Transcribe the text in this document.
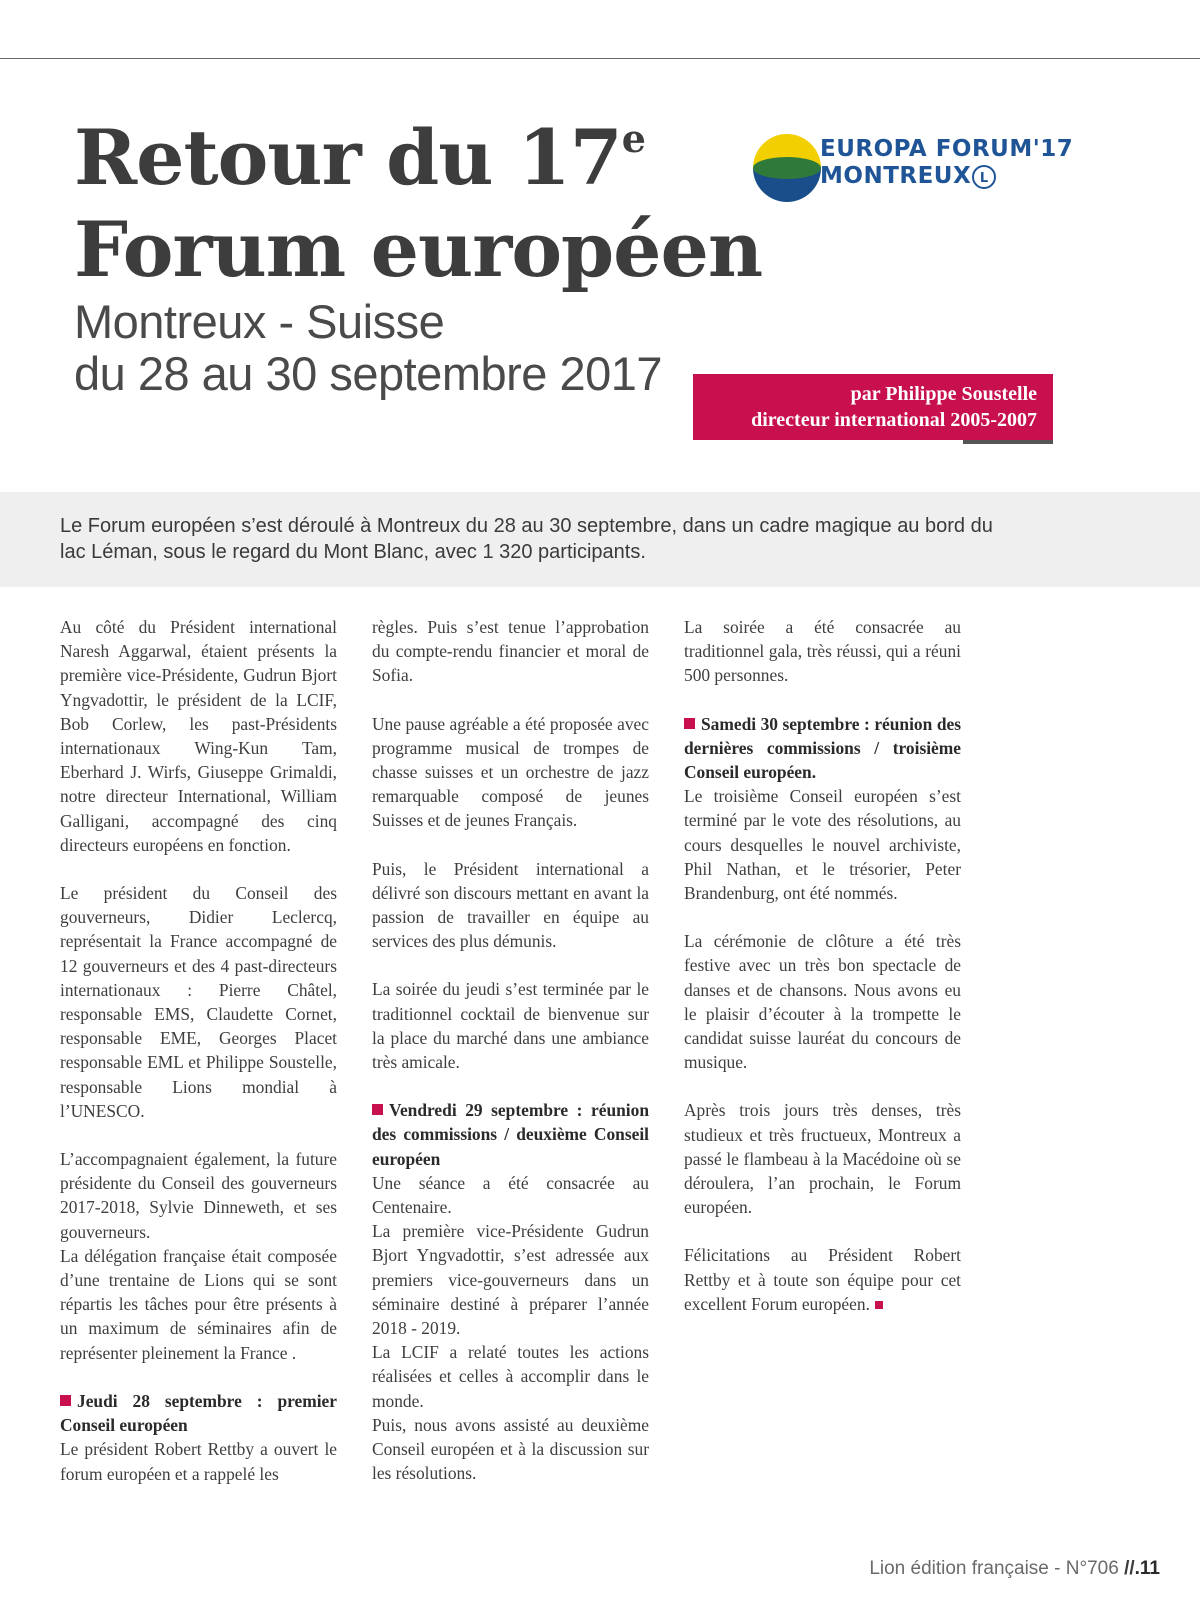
Retour du 17e
Forum européen
Montreux - Suisse
du 28 au 30 septembre 2017
EUROPA FORUM'17
MONTREUX L
par Philippe Soustelle
directeur international 2005-2007

Le Forum européen s’est déroulé à Montreux du 28 au 30 septembre, dans un cadre magique au bord du lac Léman, sous le regard du Mont Blanc, avec 1 320 participants.

Au côté du Président international Naresh Aggarwal, étaient présents la première vice-Présidente, Gudrun Bjort Yngvadottir, le président de la LCIF, Bob Corlew, les past-Présidents internationaux Wing-Kun Tam, Eberhard J. Wirfs, Giuseppe Grimaldi, notre directeur International, William Galligani, accompagné des cinq directeurs européens en fonction.

Le président du Conseil des gouverneurs, Didier Leclercq, représentait la France accompagné de 12 gouverneurs et des 4 past-directeurs internationaux : Pierre Châtel, responsable EMS, Claudette Cornet, responsable EME, Georges Placet responsable EML et Philippe Soustelle, responsable Lions mondial à l’UNESCO.

L’accompagnaient également, la future présidente du Conseil des gouverneurs 2017-2018, Sylvie Dinneweth, et ses gouverneurs.

La délégation française était composée d’une trentaine de Lions qui se sont répartis les tâches pour être présents à un maximum de séminaires afin de représenter pleinement la France .

Jeudi 28 septembre : premier Conseil européen

Le président Robert Rettby a ouvert le forum européen et a rappelé les

règles. Puis s’est tenue l’approbation du compte-rendu financier et moral de Sofia.

Une pause agréable a été proposée avec programme musical de trompes de chasse suisses et un orchestre de jazz remarquable composé de jeunes Suisses et de jeunes Français.

Puis, le Président international a délivré son discours mettant en avant la passion de travailler en équipe au services des plus démunis.

La soirée du jeudi s’est terminée par le traditionnel cocktail de bienvenue sur la place du marché dans une ambiance très amicale.

Vendredi 29 septembre : réunion des commissions / deuxième Conseil européen

Une séance a été consacrée au Centenaire.

La première vice-Présidente Gudrun Bjort Yngvadottir, s’est adressée aux premiers vice-gouverneurs dans un séminaire destiné à préparer l’année 2018 - 2019.

La LCIF a relaté toutes les actions réalisées et celles à accomplir dans le monde.

Puis, nous avons assisté au deuxième Conseil européen et à la discussion sur les résolutions.

La soirée a été consacrée au traditionnel gala, très réussi, qui a réuni 500 personnes.

Samedi 30 septembre : réunion des dernières commissions / troisième Conseil européen.

Le troisième Conseil européen s’est terminé par le vote des résolutions, au cours desquelles le nouvel archiviste, Phil Nathan, et le trésorier, Peter Brandenburg, ont été nommés.

La cérémonie de clôture a été très festive avec un très bon spectacle de danses et de chansons. Nous avons eu le plaisir d’écouter à la trompette le candidat suisse lauréat du concours de musique.

Après trois jours très denses, très studieux et très fructueux, Montreux a passé le flambeau à la Macédoine où se déroulera, l’an prochain, le Forum européen.

Félicitations au Président Robert Rettby et à toute son équipe pour cet excellent Forum européen.

Lion édition française - N°706 //.11
